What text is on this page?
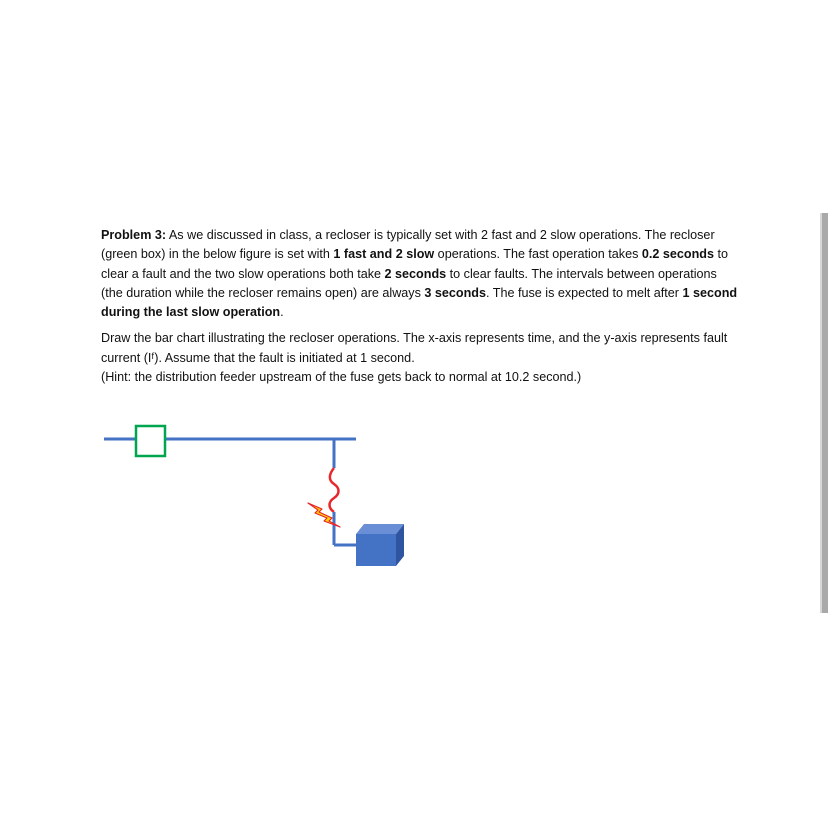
Problem 3: As we discussed in class, a recloser is typically set with 2 fast and 2 slow operations. The recloser (green box) in the below figure is set with 1 fast and 2 slow operations. The fast operation takes 0.2 seconds to clear a fault and the two slow operations both take 2 seconds to clear faults. The intervals between operations (the duration while the recloser remains open) are always 3 seconds. The fuse is expected to melt after 1 second during the last slow operation.

Draw the bar chart illustrating the recloser operations. The x-axis represents time, and the y-axis represents fault current (Iᶠ). Assume that the fault is initiated at 1 second.
(Hint: the distribution feeder upstream of the fuse gets back to normal at 10.2 second.)
